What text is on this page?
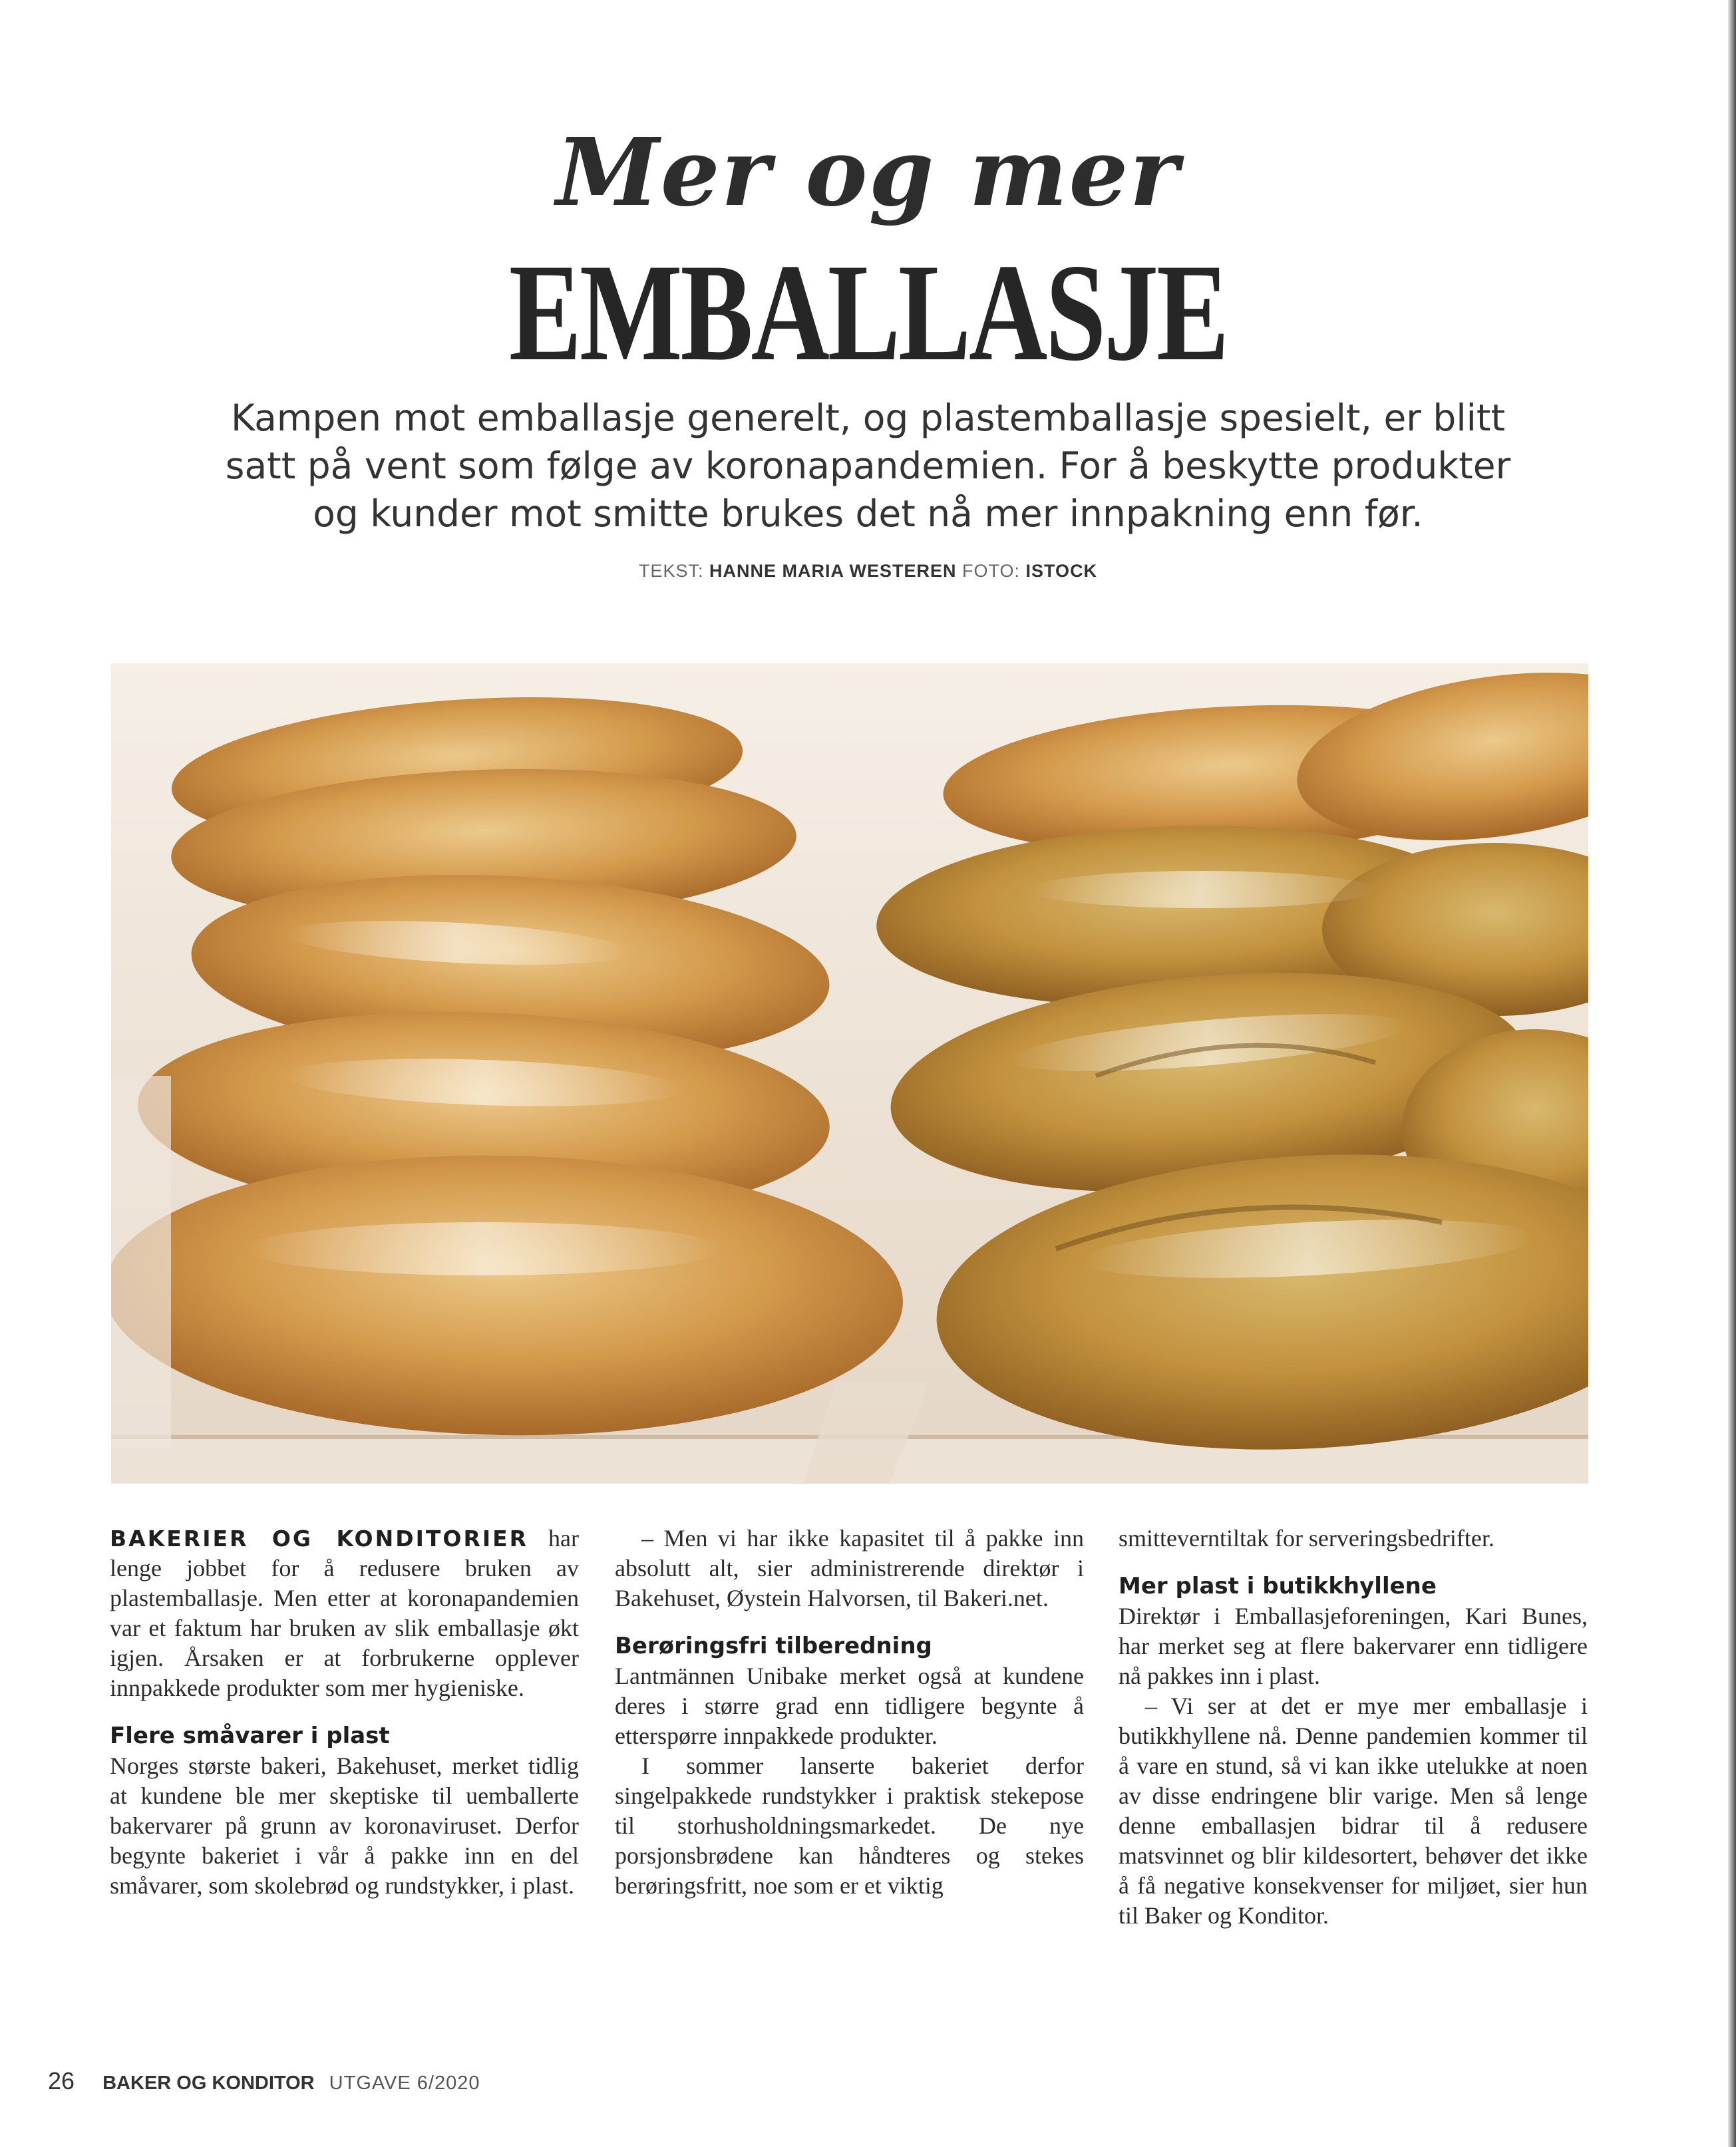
Mer og mer
EMBALLASJE
Kampen mot emballasje generelt, og plastemballasje spesielt, er blitt satt på vent som følge av koronapandemien. For å beskytte produkter og kunder mot smitte brukes det nå mer innpakning enn før.
TEKST: HANNE MARIA WESTEREN FOTO: ISTOCK

BAKERIER OG KONDITORIER har lenge jobbet for å redusere bruken av plastemballasje. Men etter at koronapandemien var et faktum har bruken av slik emballasje økt igjen. Årsaken er at forbrukerne opplever innpakkede produkter som mer hygieniske.

Flere småvarer i plast

Norges største bakeri, Bakehuset, merket tidlig at kundene ble mer skeptiske til uemballerte bakervarer på grunn av koronaviruset. Derfor begynte bakeriet i vår å pakke inn en del småvarer, som skolebrød og rundstykker, i plast.

– Men vi har ikke kapasitet til å pakke inn absolutt alt, sier administrerende direktør i Bakehuset, Øystein Halvorsen, til Bakeri.net.

Berøringsfri tilberedning

Lantmännen Unibake merket også at kundene deres i større grad enn tidligere begynte å etterspørre innpakkede produkter.

I sommer lanserte bakeriet derfor singelpakkede rundstykker i praktisk stekepose til storhusholdningsmarkedet. De nye porsjonsbrødene kan håndteres og stekes berøringsfritt, noe som er et viktig

smitteverntiltak for serveringsbedrifter.

Mer plast i butikkhyllene

Direktør i Emballasjeforeningen, Kari Bunes, har merket seg at flere bakervarer enn tidligere nå pakkes inn i plast.

– Vi ser at det er mye mer emballasje i butikkhyllene nå. Denne pandemien kommer til å vare en stund, så vi kan ikke utelukke at noen av disse endringene blir varige. Men så lenge denne emballasjen bidrar til å redusere matsvinnet og blir kildesortert, behøver det ikke å få negative konsekvenser for miljøet, sier hun til Baker og Konditor.

26 BAKER OG KONDITOR UTGAVE 6/2020
